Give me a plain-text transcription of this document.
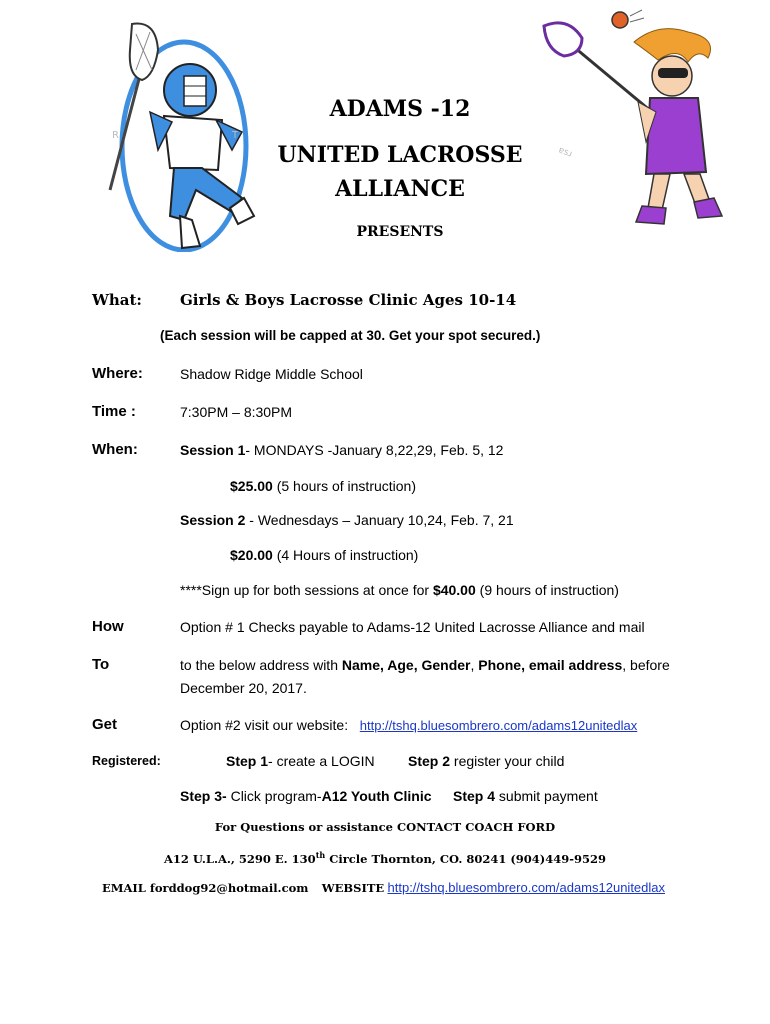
R	T
ɐsɹ
ADAMS -12
UNITED LACROSSE
ALLIANCE
PRESENTS
What:	Girls & Boys Lacrosse Clinic Ages 10-14
(Each session will be capped at 30. Get your spot secured.)
Where:	Shadow Ridge Middle School
Time :	7:30PM – 8:30PM
When:	Session 1- MONDAYS -January 8,22,29, Feb. 5, 12
$25.00 (5 hours of instruction)
Session 2 - Wednesdays – January 10,24, Feb. 7, 21
$20.00 (4 Hours of instruction)
****Sign up for both sessions at once for $40.00 (9 hours of instruction)
How	Option # 1 Checks payable to Adams-12 United Lacrosse Alliance and mail
To	to the below address with Name, Age, Gender, Phone, email address, before
December 20, 2017.
Get	Option #2 visit our website: http://tshq.bluesombrero.com/adams12unitedlax
Registered:	Step 1- create a LOGIN Step 2 register your child
Step 3- Click program-A12 Youth Clinic Step 4 submit payment
For Questions or assistance CONTACT COACH FORD
A12 U.L.A., 5290 E. 130th Circle Thornton, CO. 80241 (904)449-9529
EMAIL forddog92@hotmail.com WEBSITE http://tshq.bluesombrero.com/adams12unitedlax
